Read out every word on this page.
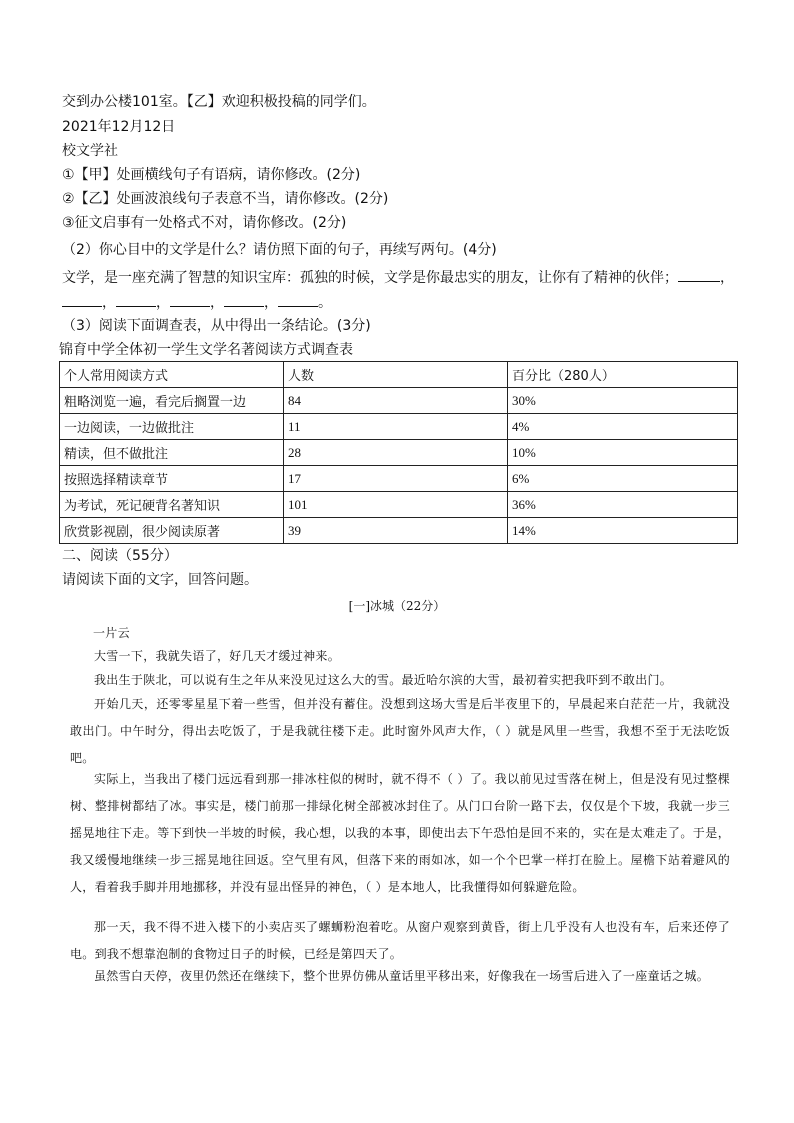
交到办公楼101室。【乙】欢迎积极投稿的同学们。
2021年12月12日
校文学社
①【甲】处画横线句子有语病，请你修改。(2分)
②【乙】处画波浪线句子表意不当，请你修改。(2分)
③征文启事有一处格式不对，请你修改。(2分)
（2）你心目中的文学是什么？请仿照下面的句子，再续写两句。(4分)
文学，是一座充满了智慧的知识宝库：孤独的时候，文学是你最忠实的朋友，让你有了精神的伙伴；	，
，	，	，	，	。
（3）阅读下面调查表，从中得出一条结论。(3分)
锦育中学全体初一学生文学名著阅读方式调查表
个人常用阅读方式	人数	百分比（280人）
粗略浏览一遍，看完后搁置一边	84	30%
一边阅读，一边做批注	11	4%
精读，但不做批注	28	10%
按照选择精读章节	17	6%
为考试，死记硬背名著知识	101	36%
欣赏影视剧，很少阅读原著	39	14%
二、阅读（55分）
请阅读下面的文字，回答问题。
[一]冰城（22分）
一片云
大雪一下，我就失语了，好几天才缓过神来。
我出生于陕北，可以说有生之年从来没见过这么大的雪。最近哈尔滨的大雪，最初着实把我吓到不敢出门。
开始几天，还零零星星下着一些雪，但并没有蓄住。没想到这场大雪是后半夜里下的，早晨起来白茫茫一片，我就没敢出门。中午时分，得出去吃饭了，于是我就往楼下走。此时窗外风声大作，（ ）就是风里一些雪，我想不至于无法吃饭吧。
实际上，当我出了楼门远远看到那一排冰柱似的树时，就不得不（ ）了。我以前见过雪落在树上，但是没有见过整棵树、整排树都结了冰。事实是，楼门前那一排绿化树全部被冰封住了。从门口台阶一路下去，仅仅是个下坡，我就一步三摇晃地往下走。等下到快一半坡的时候，我心想，以我的本事，即使出去下午恐怕是回不来的，实在是太难走了。于是，我又缓慢地继续一步三摇晃地往回返。空气里有风，但落下来的雨如冰，如一个个巴掌一样打在脸上。屋檐下站着避风的人，看着我手脚并用地挪移，并没有显出怪异的神色，（ ）是本地人，比我懂得如何躲避危险。
那一天，我不得不进入楼下的小卖店买了螺蛳粉泡着吃。从窗户观察到黄昏，街上几乎没有人也没有车，后来还停了电。到我不想靠泡制的食物过日子的时候，已经是第四天了。
虽然雪白天停，夜里仍然还在继续下，整个世界仿佛从童话里平移出来，好像我在一场雪后进入了一座童话之城。
